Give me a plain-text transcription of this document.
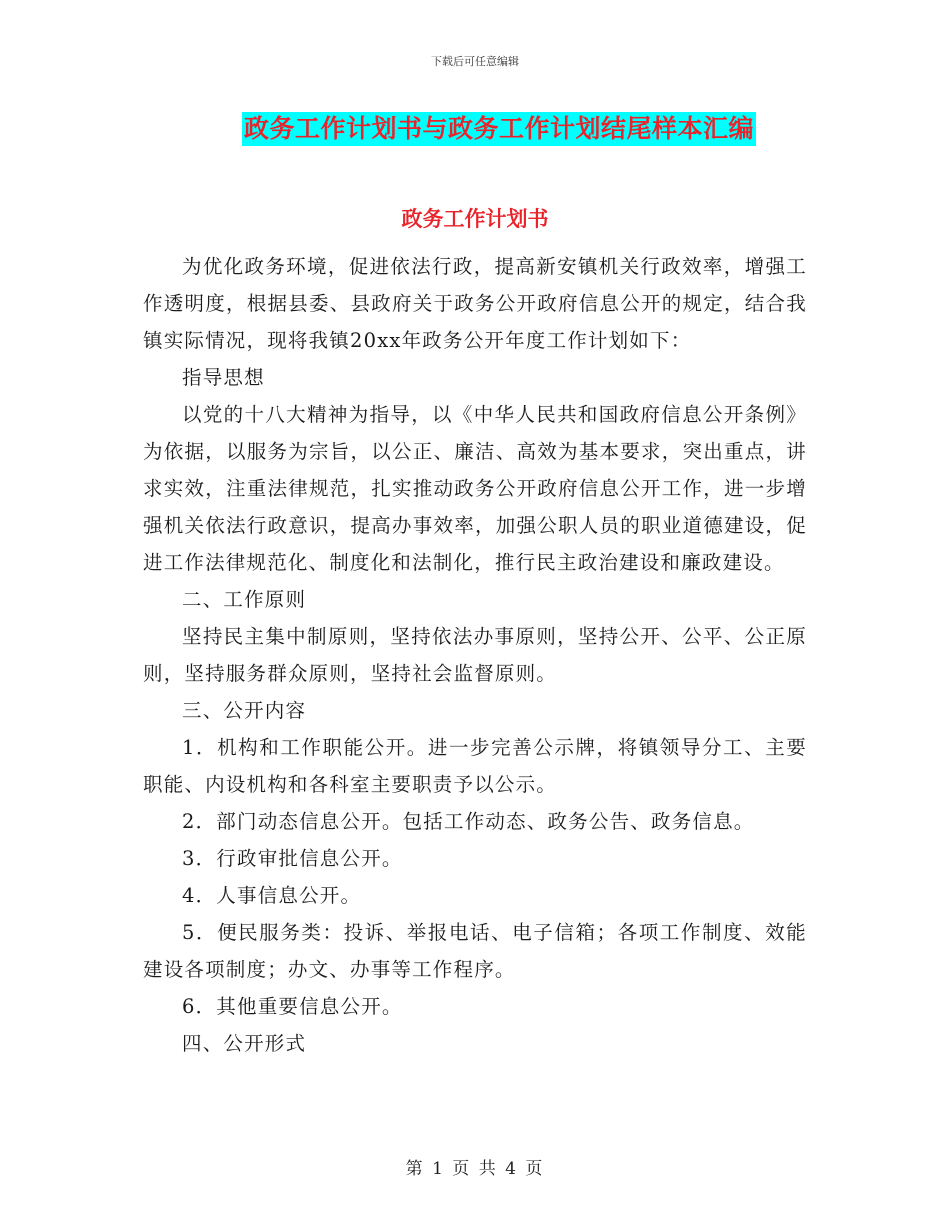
下载后可任意编辑
政务工作计划书与政务工作计划结尾样本汇编
政务工作计划书

为优化政务环境，促进依法行政，提高新安镇机关行政效率，增强工作透明度，根据县委、县政府关于政务公开政府信息公开的规定，结合我镇实际情况，现将我镇20xx年政务公开年度工作计划如下：

指导思想

以党的十八大精神为指导，以《中华人民共和国政府信息公开条例》为依据，以服务为宗旨，以公正、廉洁、高效为基本要求，突出重点，讲求实效，注重法律规范，扎实推动政务公开政府信息公开工作，进一步增强机关依法行政意识，提高办事效率，加强公职人员的职业道德建设，促进工作法律规范化、制度化和法制化，推行民主政治建设和廉政建设。

二、工作原则

坚持民主集中制原则，坚持依法办事原则，坚持公开、公平、公正原则，坚持服务群众原则，坚持社会监督原则。

三、公开内容

1．机构和工作职能公开。进一步完善公示牌，将镇领导分工、主要职能、内设机构和各科室主要职责予以公示。

2．部门动态信息公开。包括工作动态、政务公告、政务信息。

3．行政审批信息公开。

4．人事信息公开。

5．便民服务类：投诉、举报电话、电子信箱；各项工作制度、效能建设各项制度；办文、办事等工作程序。

6．其他重要信息公开。

四、公开形式

第 1 页 共 4 页
